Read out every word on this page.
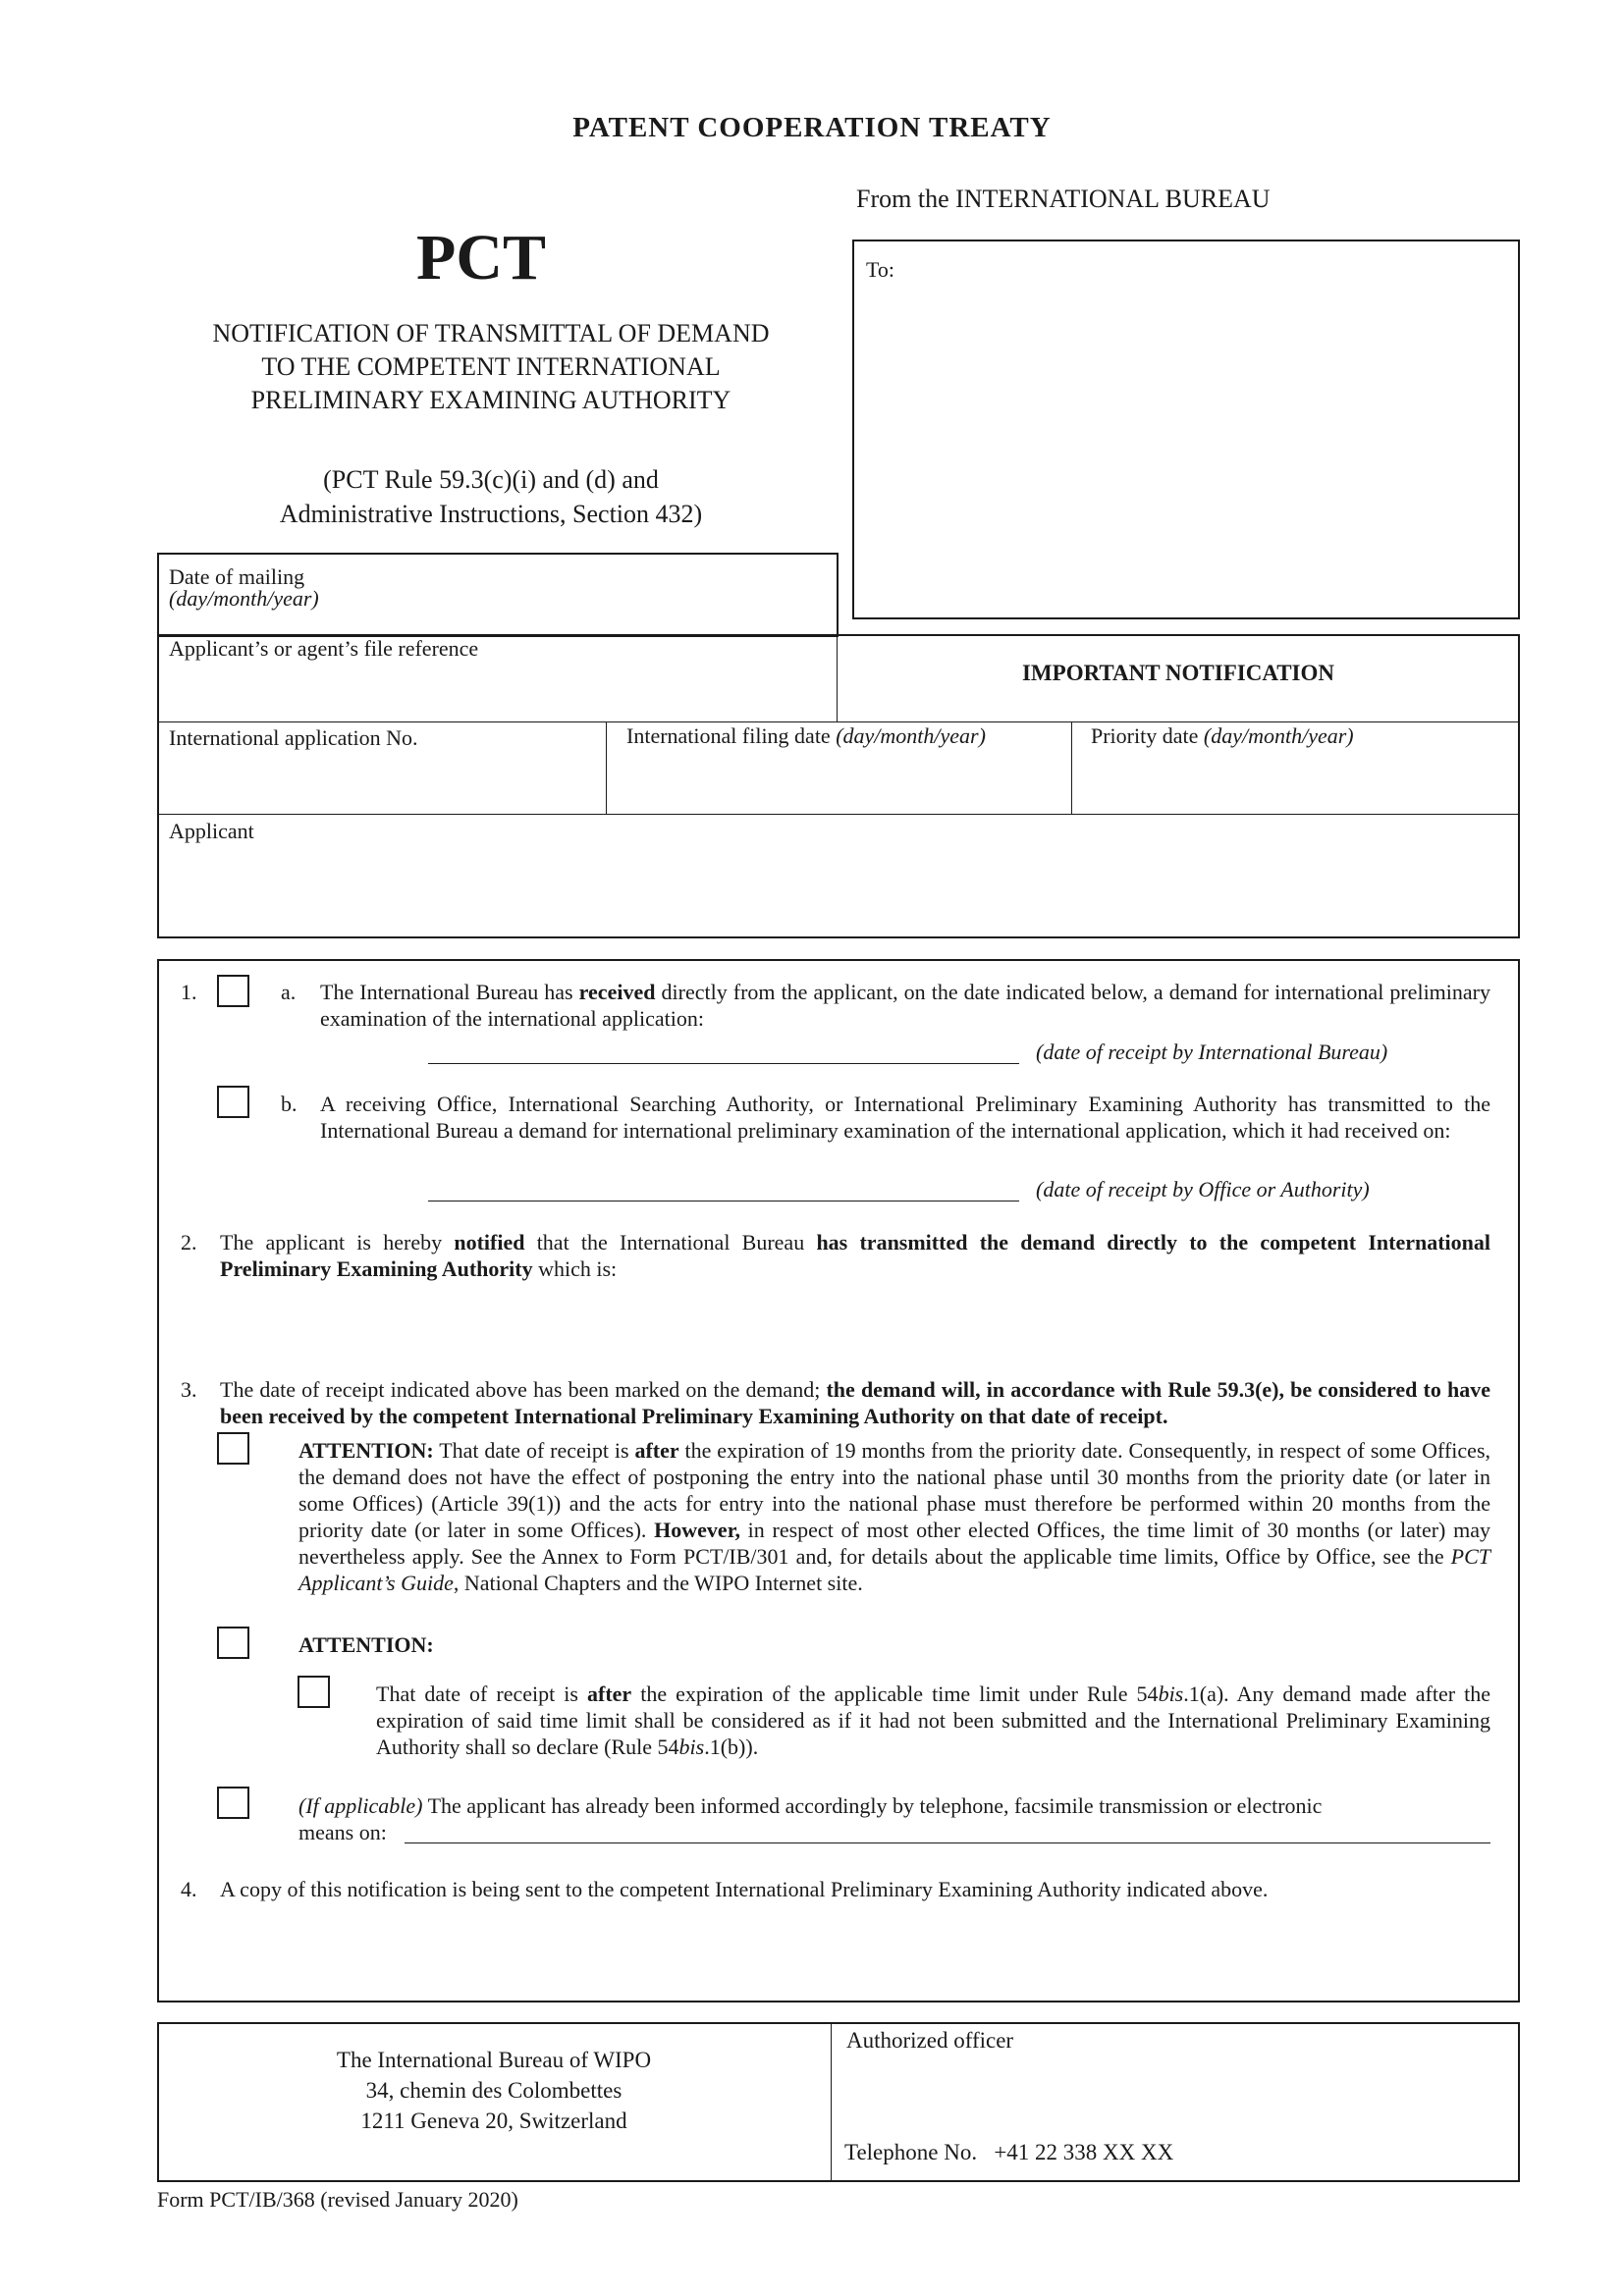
PATENT COOPERATION TREATY
From the INTERNATIONAL BUREAU
PCT
NOTIFICATION OF TRANSMITTAL OF DEMAND
TO THE COMPETENT INTERNATIONAL
PRELIMINARY EXAMINING AUTHORITY
(PCT Rule 59.3(c)(i) and (d) and
Administrative Instructions, Section 432)
To:
Date of mailing
(day/month/year)
Applicant’s or agent’s file reference
IMPORTANT NOTIFICATION
International application No.	International filing date (day/month/year)	Priority date (day/month/year)
Applicant
1.	a. The International Bureau has received directly from the applicant, on the date indicated below, a demand for international preliminary examination of the international application:
(date of receipt by International Bureau)
b. A receiving Office, International Searching Authority, or International Preliminary Examining Authority has transmitted to the International Bureau a demand for international preliminary examination of the international application, which it had received on:
(date of receipt by Office or Authority)
2. The applicant is hereby notified that the International Bureau has transmitted the demand directly to the competent International Preliminary Examining Authority which is:
3. The date of receipt indicated above has been marked on the demand; the demand will, in accordance with Rule 59.3(e), be considered to have been received by the competent International Preliminary Examining Authority on that date of receipt.
ATTENTION: That date of receipt is after the expiration of 19 months from the priority date. Consequently, in respect of some Offices, the demand does not have the effect of postponing the entry into the national phase until 30 months from the priority date (or later in some Offices) (Article 39(1)) and the acts for entry into the national phase must therefore be performed within 20 months from the priority date (or later in some Offices). However, in respect of most other elected Offices, the time limit of 30 months (or later) may nevertheless apply. See the Annex to Form PCT/IB/301 and, for details about the applicable time limits, Office by Office, see the PCT Applicant’s Guide, National Chapters and the WIPO Internet site.
ATTENTION:
That date of receipt is after the expiration of the applicable time limit under Rule 54bis.1(a). Any demand made after the expiration of said time limit shall be considered as if it had not been submitted and the International Preliminary Examining Authority shall so declare (Rule 54bis.1(b)).
(If applicable) The applicant has already been informed accordingly by telephone, facsimile transmission or electronic
means on:
4. A copy of this notification is being sent to the competent International Preliminary Examining Authority indicated above.
The International Bureau of WIPO
34, chemin des Colombettes
1211 Geneva 20, Switzerland
Authorized officer
Telephone No.   +41 22 338 XX XX
Form PCT/IB/368 (revised January 2020)
